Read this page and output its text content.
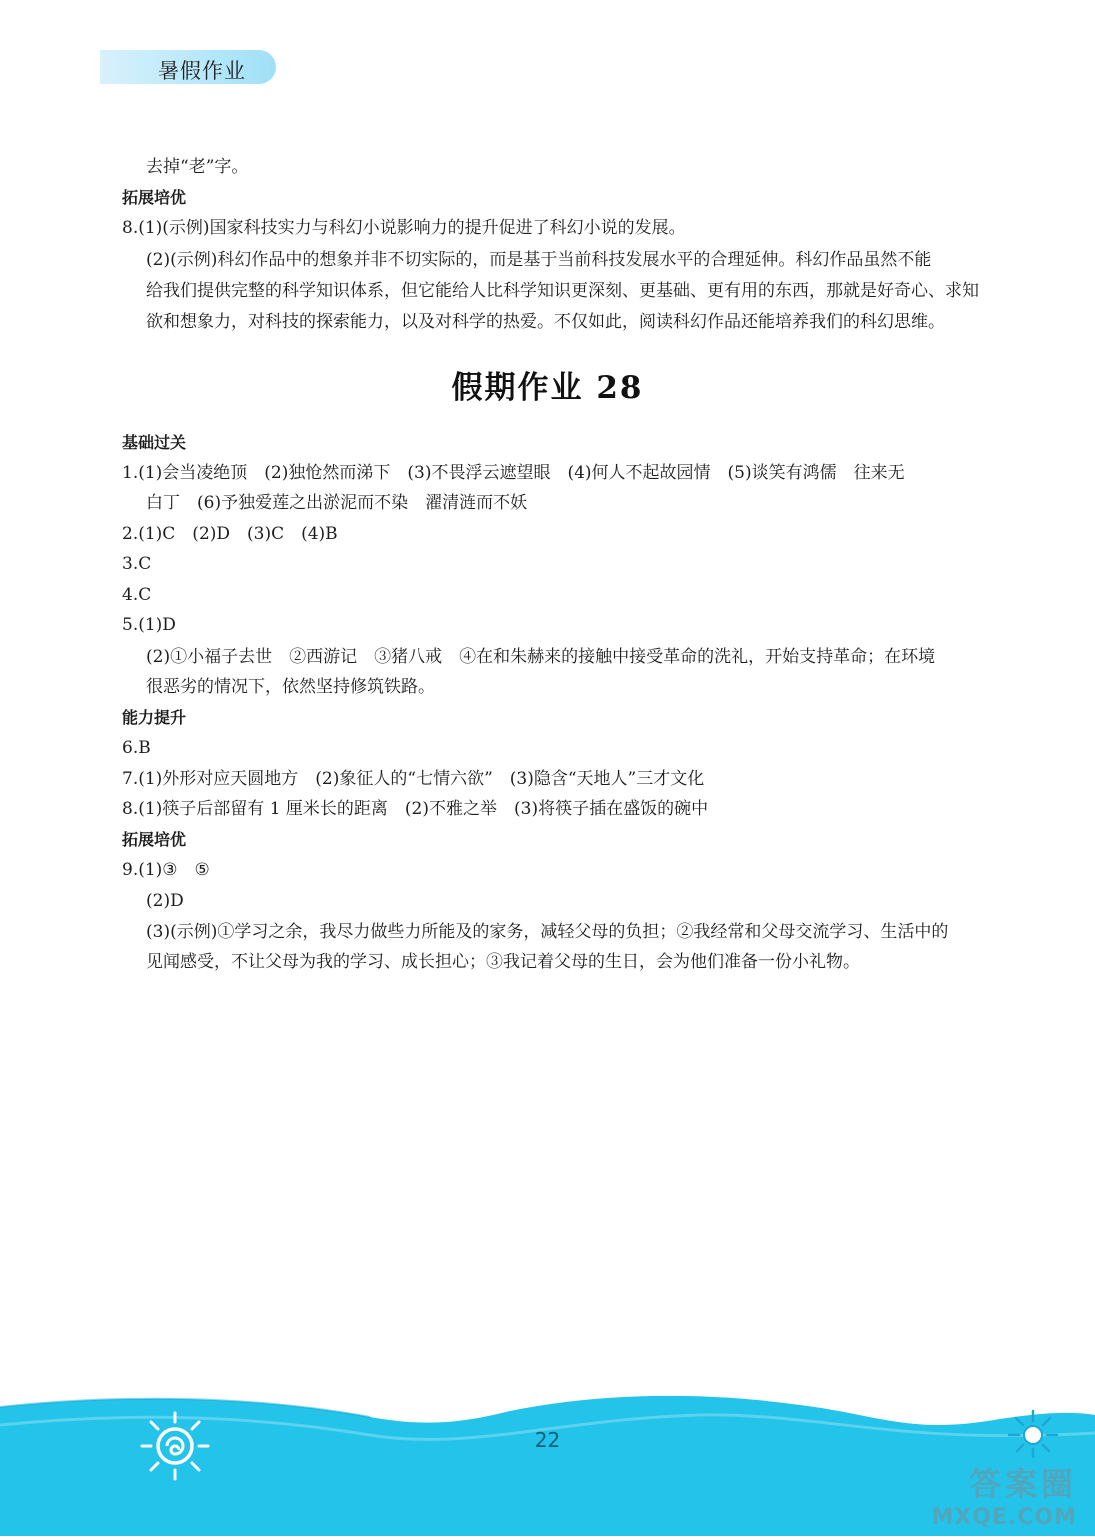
暑假作业
去掉“老”字。
拓展培优
8.(1)(示例)国家科技实力与科幻小说影响力的提升促进了科幻小说的发展。
(2)(示例)科幻作品中的想象并非不切实际的，而是基于当前科技发展水平的合理延伸。科幻作品虽然不能
给我们提供完整的科学知识体系，但它能给人比科学知识更深刻、更基础、更有用的东西，那就是好奇心、求知
欲和想象力，对科技的探索能力，以及对科学的热爱。不仅如此，阅读科幻作品还能培养我们的科幻思维。
假期作业 28
基础过关
1.(1)会当凌绝顶　(2)独怆然而涕下　(3)不畏浮云遮望眼　(4)何人不起故园情　(5)谈笑有鸿儒　往来无
白丁　(6)予独爱莲之出淤泥而不染　濯清涟而不妖
2.(1)C　(2)D　(3)C　(4)B
3.C
4.C
5.(1)D
(2)①小福子去世　②西游记　③猪八戒　④在和朱赫来的接触中接受革命的洗礼，开始支持革命；在环境
很恶劣的情况下，依然坚持修筑铁路。
能力提升
6.B
7.(1)外形对应天圆地方　(2)象征人的“七情六欲”　(3)隐含“天地人”三才文化
8.(1)筷子后部留有 1 厘米长的距离　(2)不雅之举　(3)将筷子插在盛饭的碗中
拓展培优
9.(1)③　⑤
(2)D
(3)(示例)①学习之余，我尽力做些力所能及的家务，减轻父母的负担；②我经常和父母交流学习、生活中的
见闻感受，不让父母为我的学习、成长担心；③我记着父母的生日，会为他们准备一份小礼物。
22
答案圈
MXQE.COM
